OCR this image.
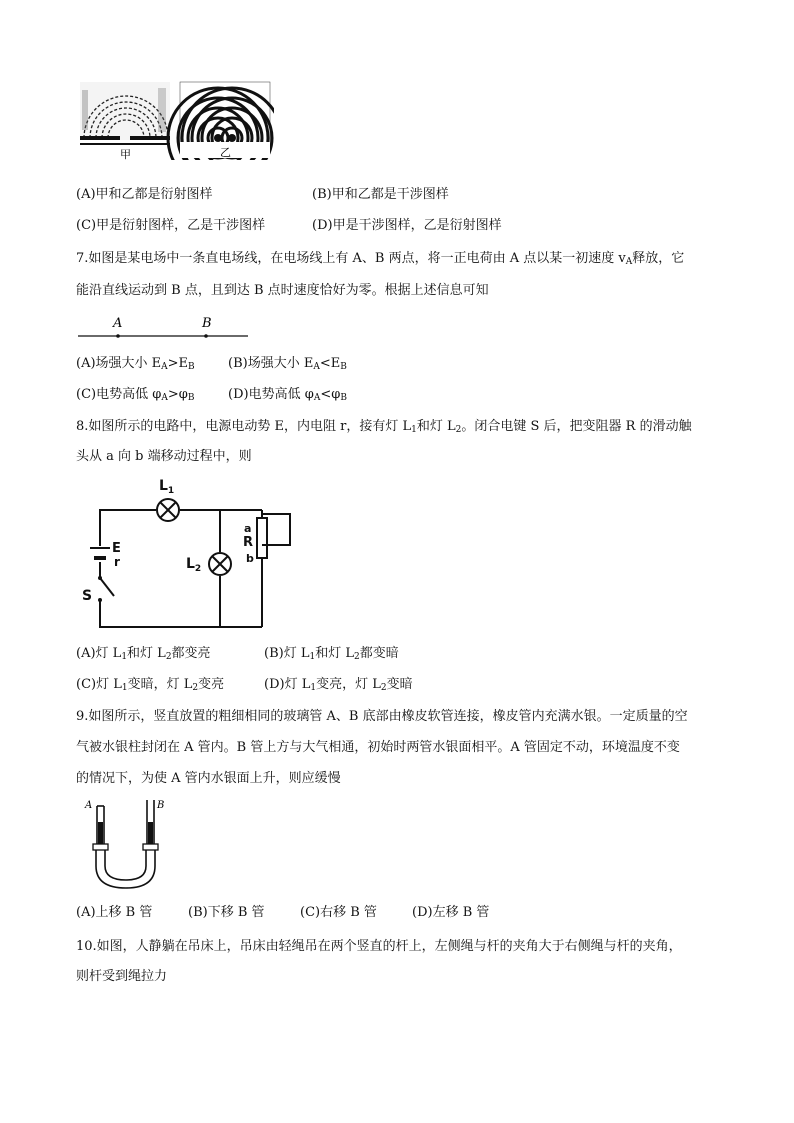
甲	乙
(A)甲和乙都是衍射图样	(B)甲和乙都是干涉图样
(C)甲是衍射图样，乙是干涉图样	(D)甲是干涉图样，乙是衍射图样
7.如图是某电场中一条直电场线，在电场线上有 A、B 两点，将一正电荷由 A 点以某一初速度 $v_A$释放，它
能沿直线运动到 B 点，且到达 B 点时速度恰好为零。根据上述信息可知
A	B
(A)场强大小 $E_A>E_B$	(B)场强大小 $E_A<E_B$
(C)电势高低 $\varphi_A>\varphi_B$	(D)电势高低 $\varphi_A<\varphi_B$
8.如图所示的电路中，电源电动势 E，内电阻 r，接有灯 $L_1$和灯 $L_2$。闭合电键 S 后，把变阻器 R 的滑动触
头从 a 向 b 端移动过程中，则
$L_1$
$L_2$
E
r
S
a
R
b
(A)灯 $L_1$和灯 $L_2$都变亮	(B)灯 $L_1$和灯 $L_2$都变暗
(C)灯 $L_1$变暗，灯 $L_2$变亮	(D)灯 $L_1$变亮，灯 $L_2$变暗
9.如图所示，竖直放置的粗细相同的玻璃管 A、B 底部由橡皮软管连接，橡皮管内充满水银。一定质量的空
气被水银柱封闭在 A 管内。B 管上方与大气相通，初始时两管水银面相平。A 管固定不动，环境温度不变
的情况下，为使 A 管内水银面上升，则应缓慢
A	B
(A)上移 B 管	(B)下移 B 管	(C)右移 B 管	(D)左移 B 管
10.如图，人静躺在吊床上，吊床由轻绳吊在两个竖直的杆上，左侧绳与杆的夹角大于右侧绳与杆的夹角，
则杆受到绳拉力
